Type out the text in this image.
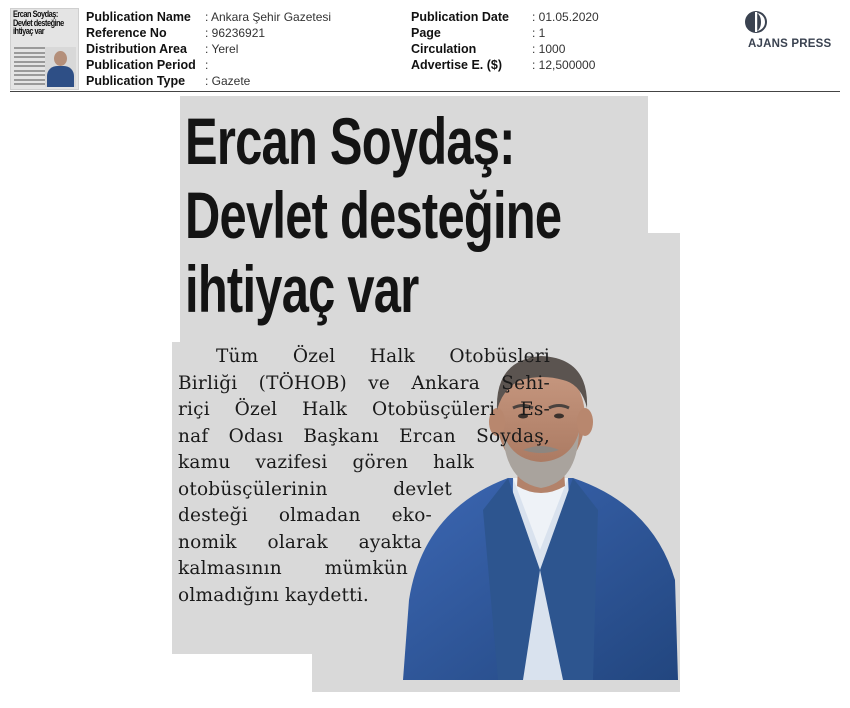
Ercan Soydaş:
Devlet desteğine
ihtiyaç var
Publication Name : Ankara Şehir Gazetesi
Reference No	: 96236921
Distribution Area : Yerel
Publication Period :
Publication Type : Gazete
Publication Date : 01.05.2020
Page	: 1
Circulation	: 1000
Advertise E. ($) : 12,500000
AJANS PRESS
Ercan Soydaş:
Devlet desteğine
ihtiyaç var
Tüm Özel Halk Otobüsleri
Birliği (TÖHOB) ve Ankara Şehi-
riçi Özel Halk Otobüsçüleri Es-
naf Odası Başkanı Ercan Soydaş,
kamu vazifesi gören halk
otobüsçülerinin devlet
desteği olmadan eko-
nomik olarak ayakta
kalmasının mümkün
olmadığını kaydetti.
